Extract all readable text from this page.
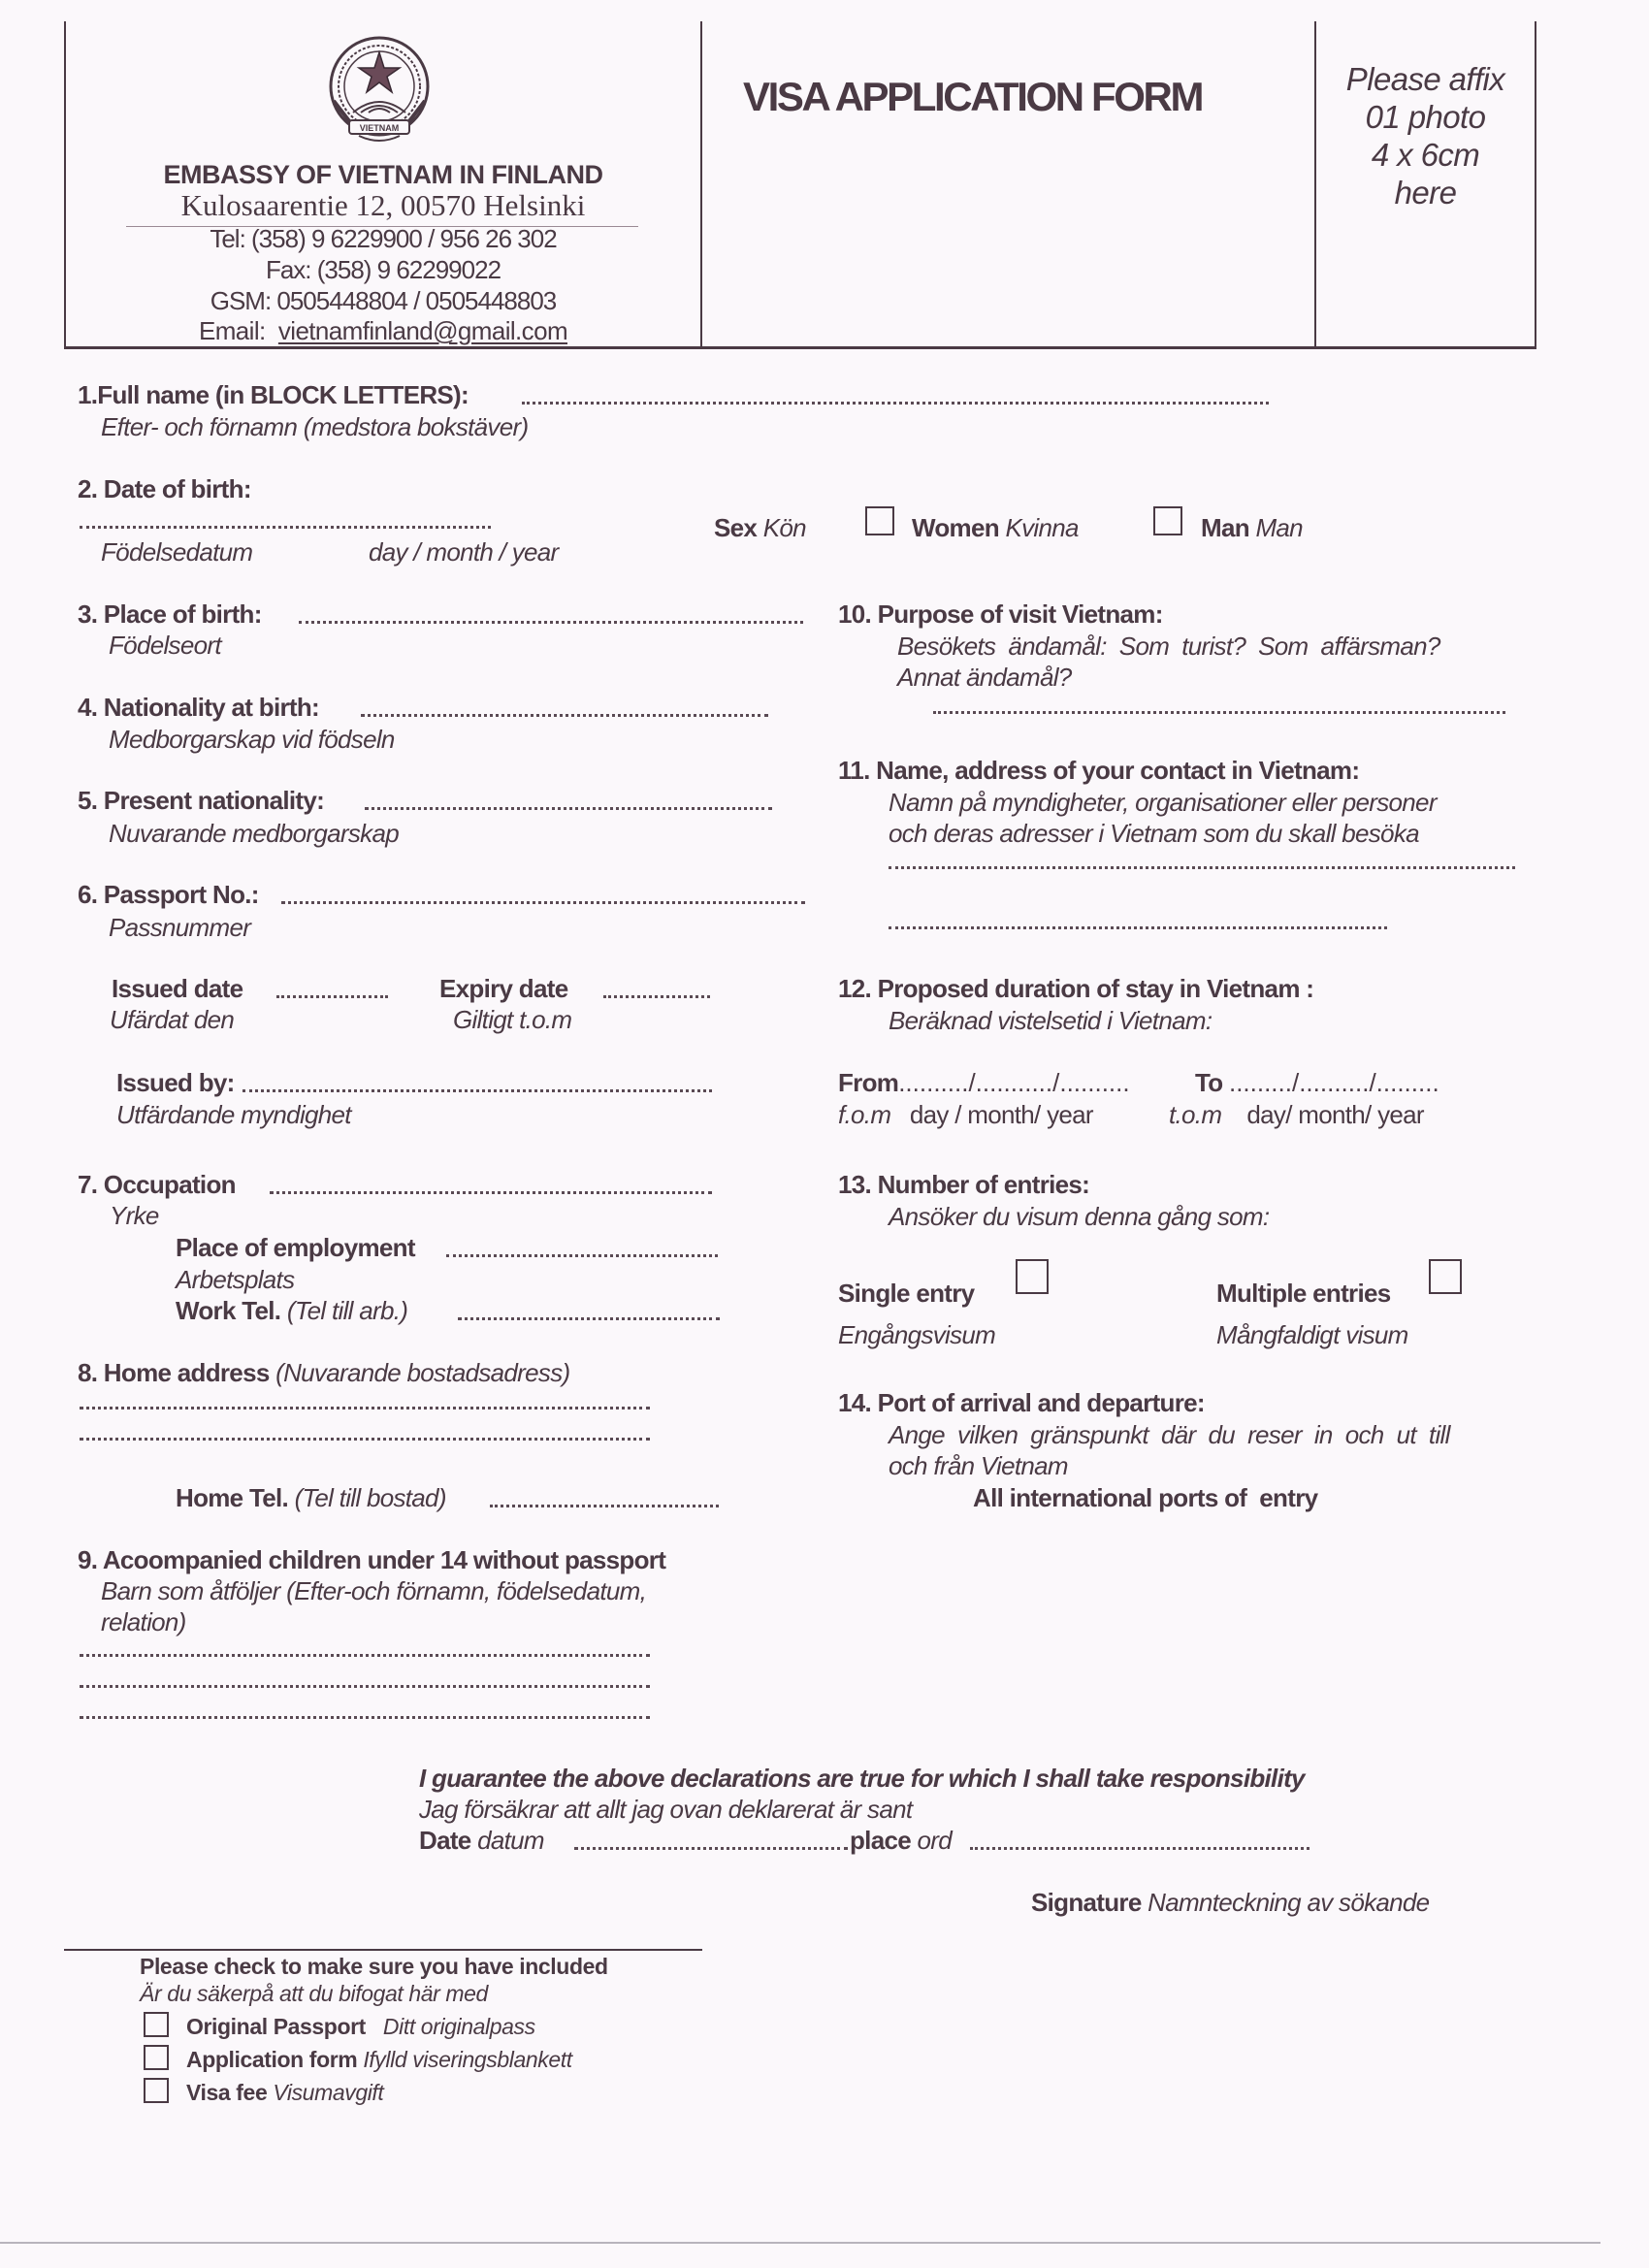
VIETNAM
EMBASSY OF VIETNAM IN FINLAND
Kulosaarentie 12, 00570 Helsinki
Tel: (358) 9 6229900 / 956 26 302
Fax: (358) 9 62299022
GSM: 0505448804 / 0505448803
Email: vietnamfinland@gmail.com
VISA APPLICATION FORM	Please affix
01 photo
4 x 6cm
here
1.Full name (in BLOCK LETTERS):
Efter- och förnamn (medstora bokstäver)
2. Date of birth:
Födelsedatum	day / month / year
Sex Kön	Women Kvinna	Man Man
3. Place of birth:
Födelseort
4. Nationality at birth:
Medborgarskap vid födseln
5. Present nationality:
Nuvarande medborgarskap
6. Passport No.:
Passnummer
Issued date
Ufärdat den
Expiry date
Giltigt t.o.m
Issued by:
Utfärdande myndighet
7. Occupation
Yrke
Place of employment
Arbetsplats
Work Tel. (Tel till arb.)
8. Home address (Nuvarande bostadsadress)
Home Tel. (Tel till bostad)
9. Acoompanied children under 14 without passport
Barn som åtföljer (Efter-och förnamn, födelsedatum,
relation)
10. Purpose of visit Vietnam:
Besökets  ändamål:  Som  turist?  Som  affärsman?
Annat ändamål?
11. Name, address of your contact in Vietnam:
Namn på myndigheter, organisationer eller personer
och deras adresser i Vietnam som du skall besöka
12. Proposed duration of stay in Vietnam :
Beräknad vistelsetid i Vietnam:
From........../.........../..........	To ........./........../.........
f.o.m day / month/ year	t.o.m day/ month/ year
13. Number of entries:
Ansöker du visum denna gång som:
Single entry
Engångsvisum
Multiple entries
Mångfaldigt visum
14. Port of arrival and departure:
Ange  vilken  gränspunkt  där  du  reser  in  och  ut  till
och från Vietnam
All international ports of  entry
I guarantee the above declarations are true for which I shall take responsibility
Jag försäkrar att allt jag ovan deklarerat är sant
Date datum	place ord
Signature Namnteckning av sökande
Please check to make sure you have included
Är du säkerpå att du bifogat här med
Original Passport Ditt originalpass
Application form Ifylld viseringsblankett
Visa fee Visumavgift
